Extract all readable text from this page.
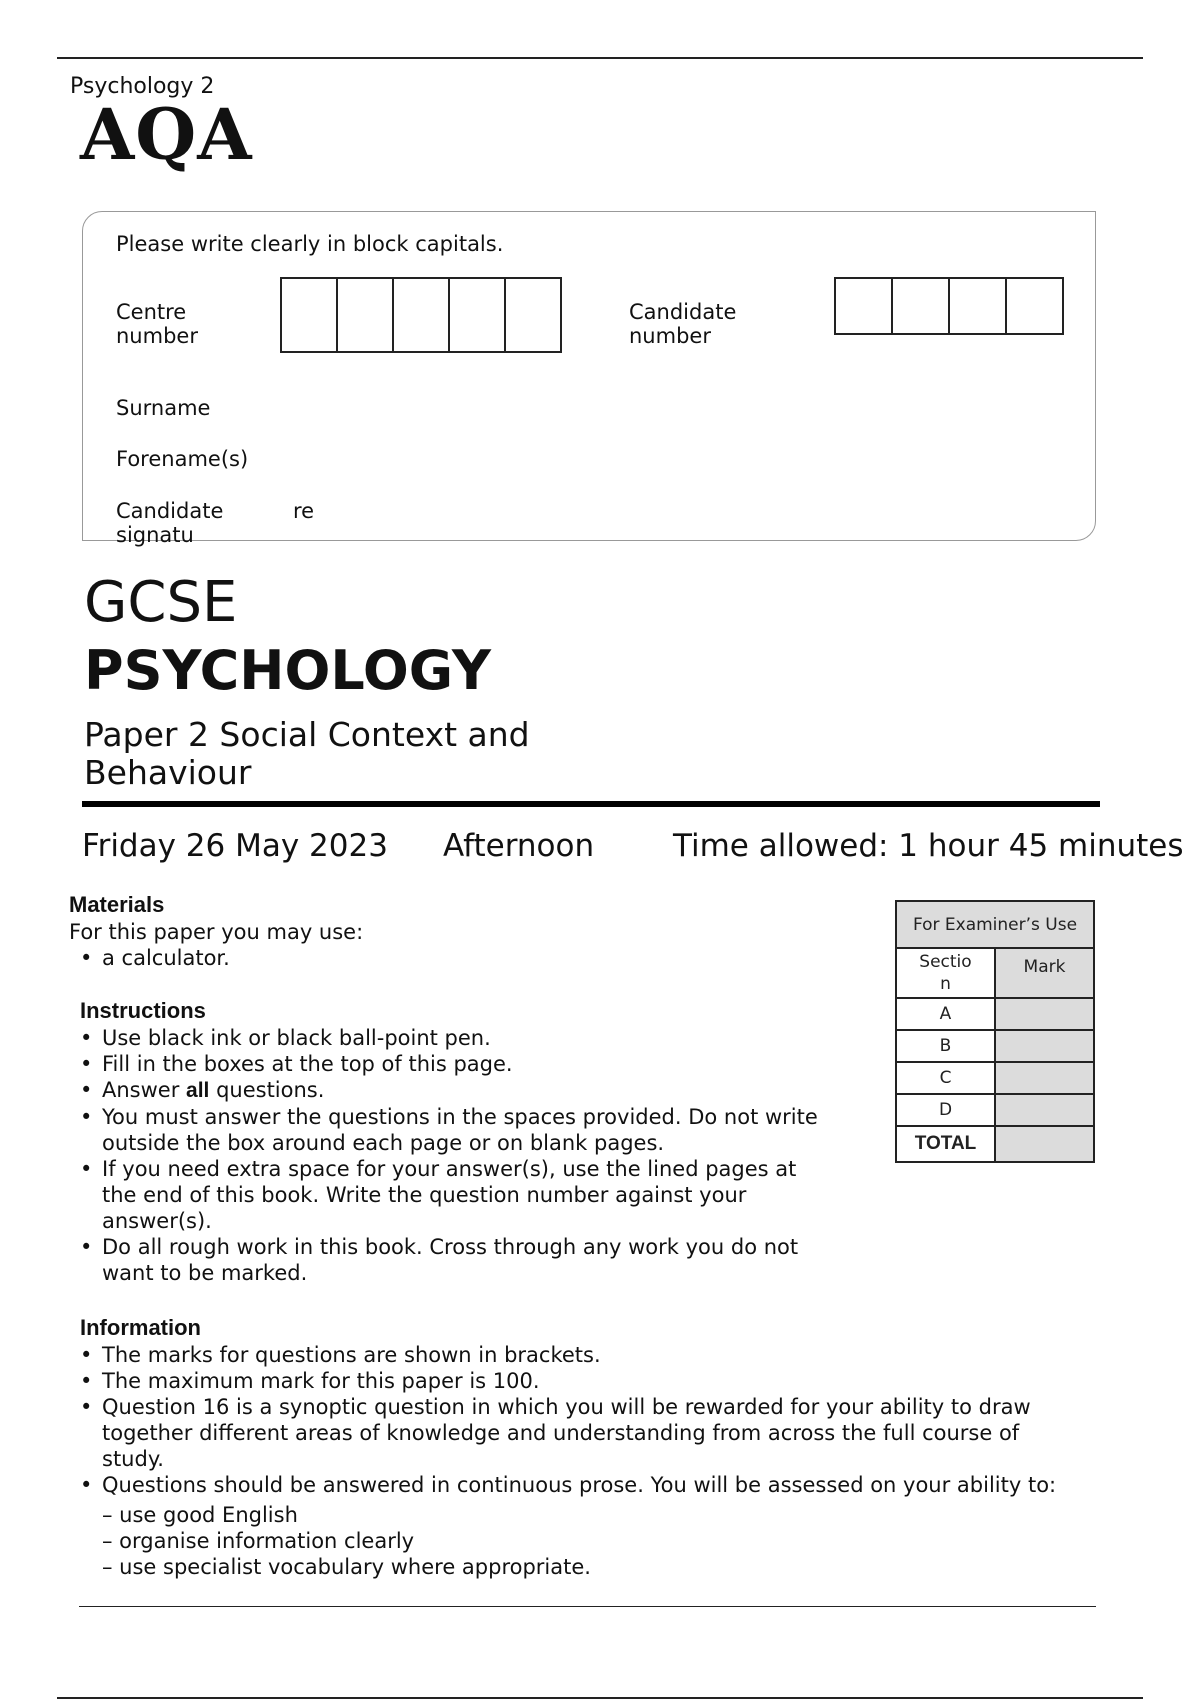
Psychology 2
AQA
Please write clearly in block capitals.
Centre number
Candidate number
Surname
Forename(s)
Candidate signatu
re
GCSE
PSYCHOLOGY
Paper 2 Social Context and Behaviour
Friday 26 May 2023 Afternoon	Time allowed: 1 hour 45 minutes
For Examiner’s Use	

Section	Mark
A	
B	
C	
D	
TOTAL	
Materials
For this paper you may use:
• a calculator.
Instructions
• Use black ink or black ball-point pen.
• Fill in the boxes at the top of this page.
• Answer all questions.
• You must answer the questions in the spaces provided. Do not write outside the box around each page or on blank pages.
• If you need extra space for your answer(s), use the lined pages at the end of this book. Write the question number against your answer(s).
• Do all rough work in this book. Cross through any work you do not want to be marked.
Information
• The marks for questions are shown in brackets.
• The maximum mark for this paper is 100.
• Question 16 is a synoptic question in which you will be rewarded for your ability to draw together different areas of knowledge and understanding from across the full course of study.
• Questions should be answered in continuous prose. You will be assessed on your ability to:
– use good English
– organise information clearly
– use specialist vocabulary where appropriate.
